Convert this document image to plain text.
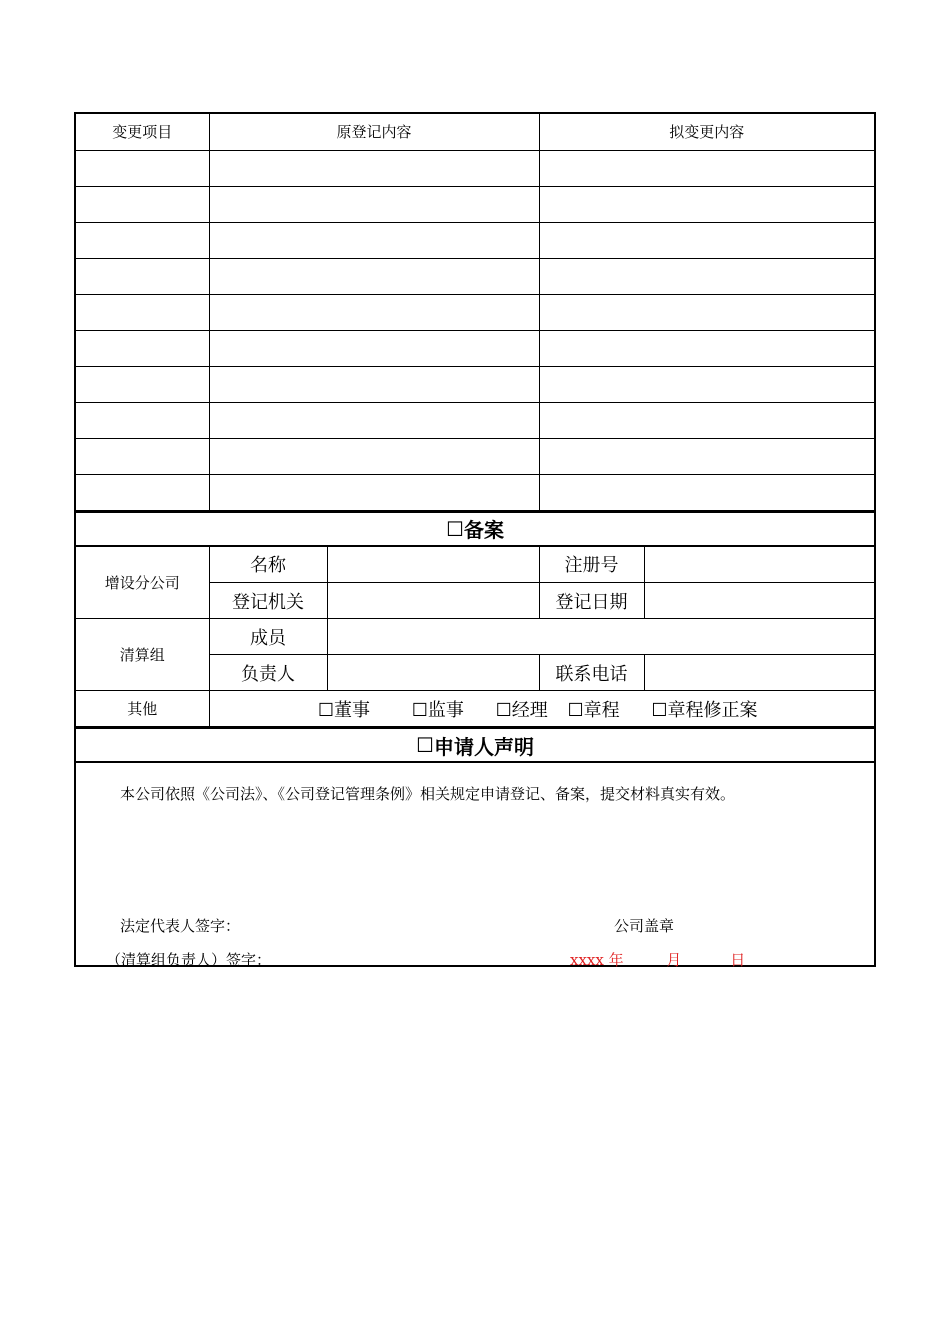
变更项目	原登记内容	拟变更内容

☐ 备案
增设分公司	名称		注册号	
	登记机关		登记日期	
清算组	成员			
	负责人		联系电话	
其他	☐董事 ☐监事 ☐经理 ☐章程 ☐章程修正案			
☐ 申请人声明
本公司依照《公司法》、《公司登记管理条例》相关规定申请登记、备案，提交材料真实有效。
法定代表人签字：
（清算组负责人）签字：
公司盖章
xxxx 年	月	日
